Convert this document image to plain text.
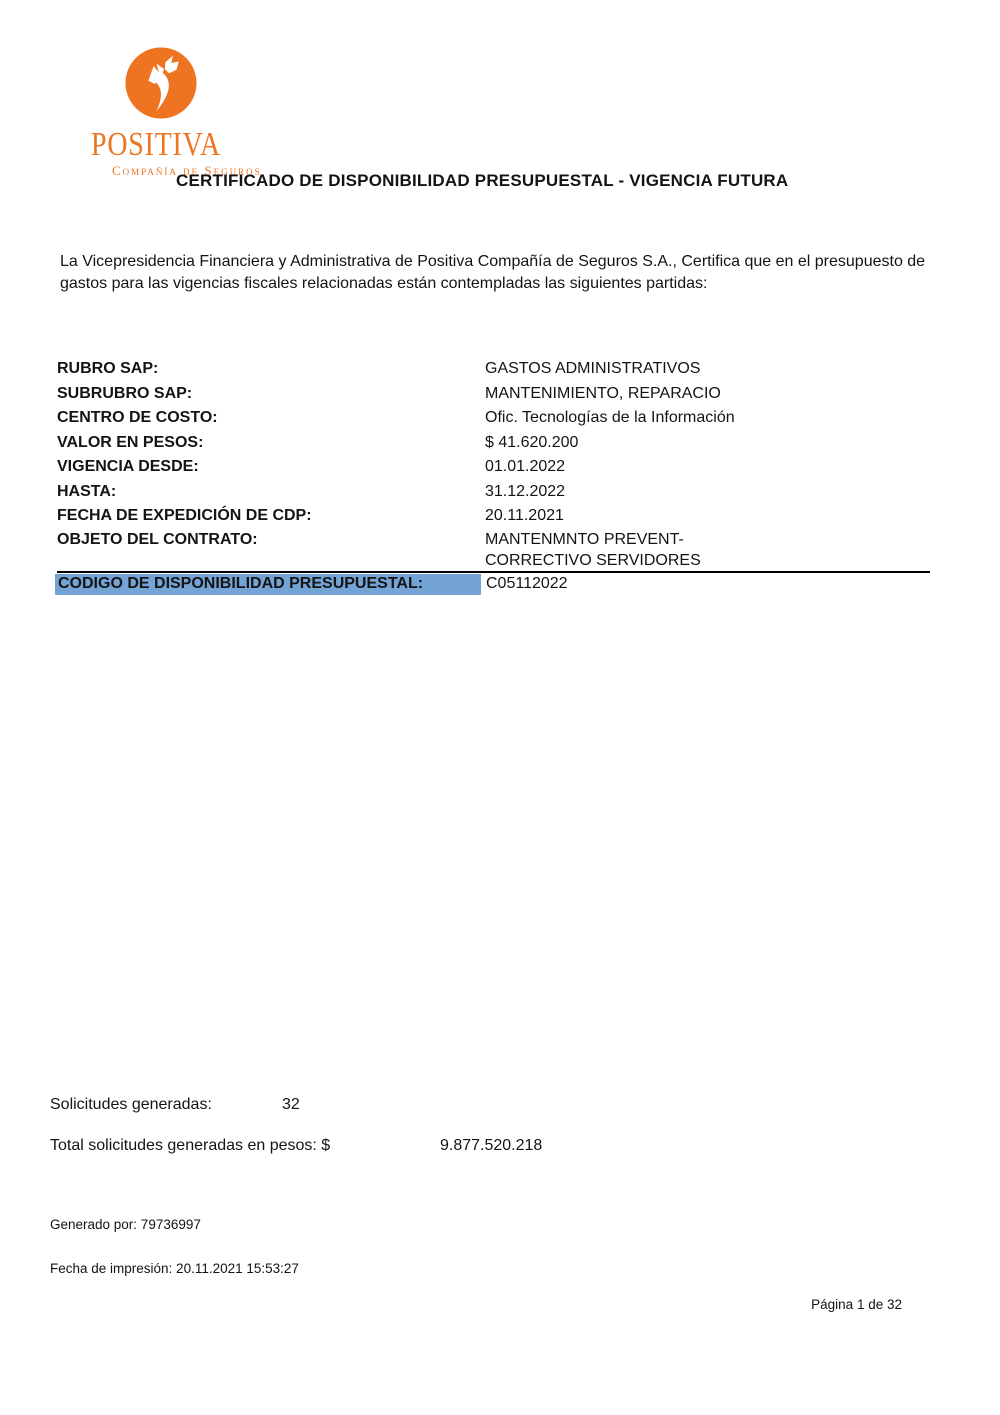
POSITIVA
Compañía de Seguros
CERTIFICADO DE DISPONIBILIDAD PRESUPUESTAL - VIGENCIA FUTURA
La Vicepresidencia Financiera y Administrativa de Positiva Compañía de Seguros S.A., Certifica que en el presupuesto de gastos para las vigencias fiscales relacionadas están contempladas las siguientes partidas:
RUBRO SAP:	GASTOS ADMINISTRATIVOS
SUBRUBRO SAP:	MANTENIMIENTO, REPARACIO
CENTRO DE COSTO:	Ofic. Tecnologías de la Información
VALOR EN PESOS:	$ 41.620.200
VIGENCIA DESDE:	01.01.2022
HASTA:	31.12.2022
FECHA DE EXPEDICIÓN DE CDP:	20.11.2021
OBJETO DEL CONTRATO:	MANTENMNTO PREVENT-CORRECTIVO SERVIDORES
CODIGO DE DISPONIBILIDAD PRESUPUESTAL:	C05112022
Solicitudes generadas:	32
Total solicitudes generadas en pesos: $	9.877.520.218
Generado por: 79736997
Fecha de impresión: 20.11.2021 15:53:27
Página 1 de 32
